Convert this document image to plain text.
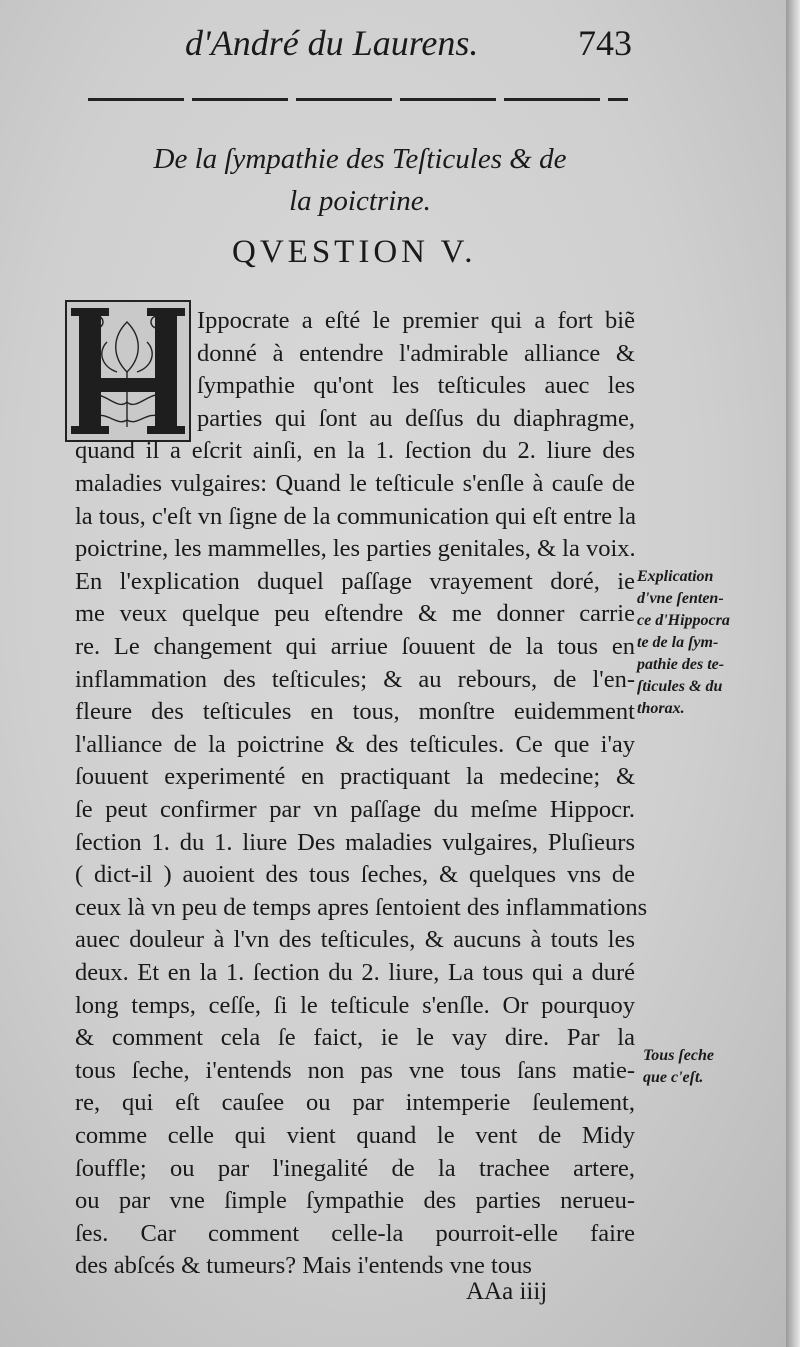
d'André du Laurens.	743
De la ſympathie des Teſticules & de
la poictrine.
QVESTION V.
Ippocrate a eſté le premier qui a fort biẽ
donné à entendre l'admirable alliance &
ſympathie qu'ont les teſticules auec les
parties qui ſont au deſſus du diaphragme,
quand il a eſcrit ainſi, en la 1. ſection du 2. liure des
maladies vulgaires: Quand le teſticule s'enſle à cauſe de
la tous, c'eſt vn ſigne de la communication qui eſt entre la
poictrine, les mammelles, les parties genitales, & la voix.
En l'explication duquel paſſage vrayement doré, ie
me veux quelque peu eſtendre & me donner carrie
re. Le changement qui arriue ſouuent de la tous en
inflammation des teſticules; & au rebours, de l'en-
fleure des teſticules en tous, monſtre euidemment
l'alliance de la poictrine & des teſticules. Ce que i'ay
ſouuent experimenté en practiquant la medecine; &
ſe peut confirmer par vn paſſage du meſme Hippocr.
ſection 1. du 1. liure Des maladies vulgaires, Pluſieurs
( dict-il ) auoient des tous ſeches, & quelques vns de
ceux là vn peu de temps apres ſentoient des inflammations
auec douleur à l'vn des teſticules, & aucuns à touts les
deux. Et en la 1. ſection du 2. liure, La tous qui a duré
long temps, ceſſe, ſi le teſticule s'enſle. Or pourquoy
& comment cela ſe faict, ie le vay dire. Par la
tous ſeche, i'entends non pas vne tous ſans matie-
re, qui eſt cauſee ou par intemperie ſeulement,
comme celle qui vient quand le vent de Midy
ſouffle; ou par l'inegalité de la trachee artere,
ou par vne ſimple ſympathie des parties nerueu-
ſes. Car comment celle-la pourroit-elle faire
des abſcés & tumeurs? Mais i'entends vne tous
Explication
d'vne ſenten-
ce d'Hippocra
te de la ſym-
pathie des te-
ſticules & du
thorax.
Tous ſeche
que c'eſt.
AAa iiij
